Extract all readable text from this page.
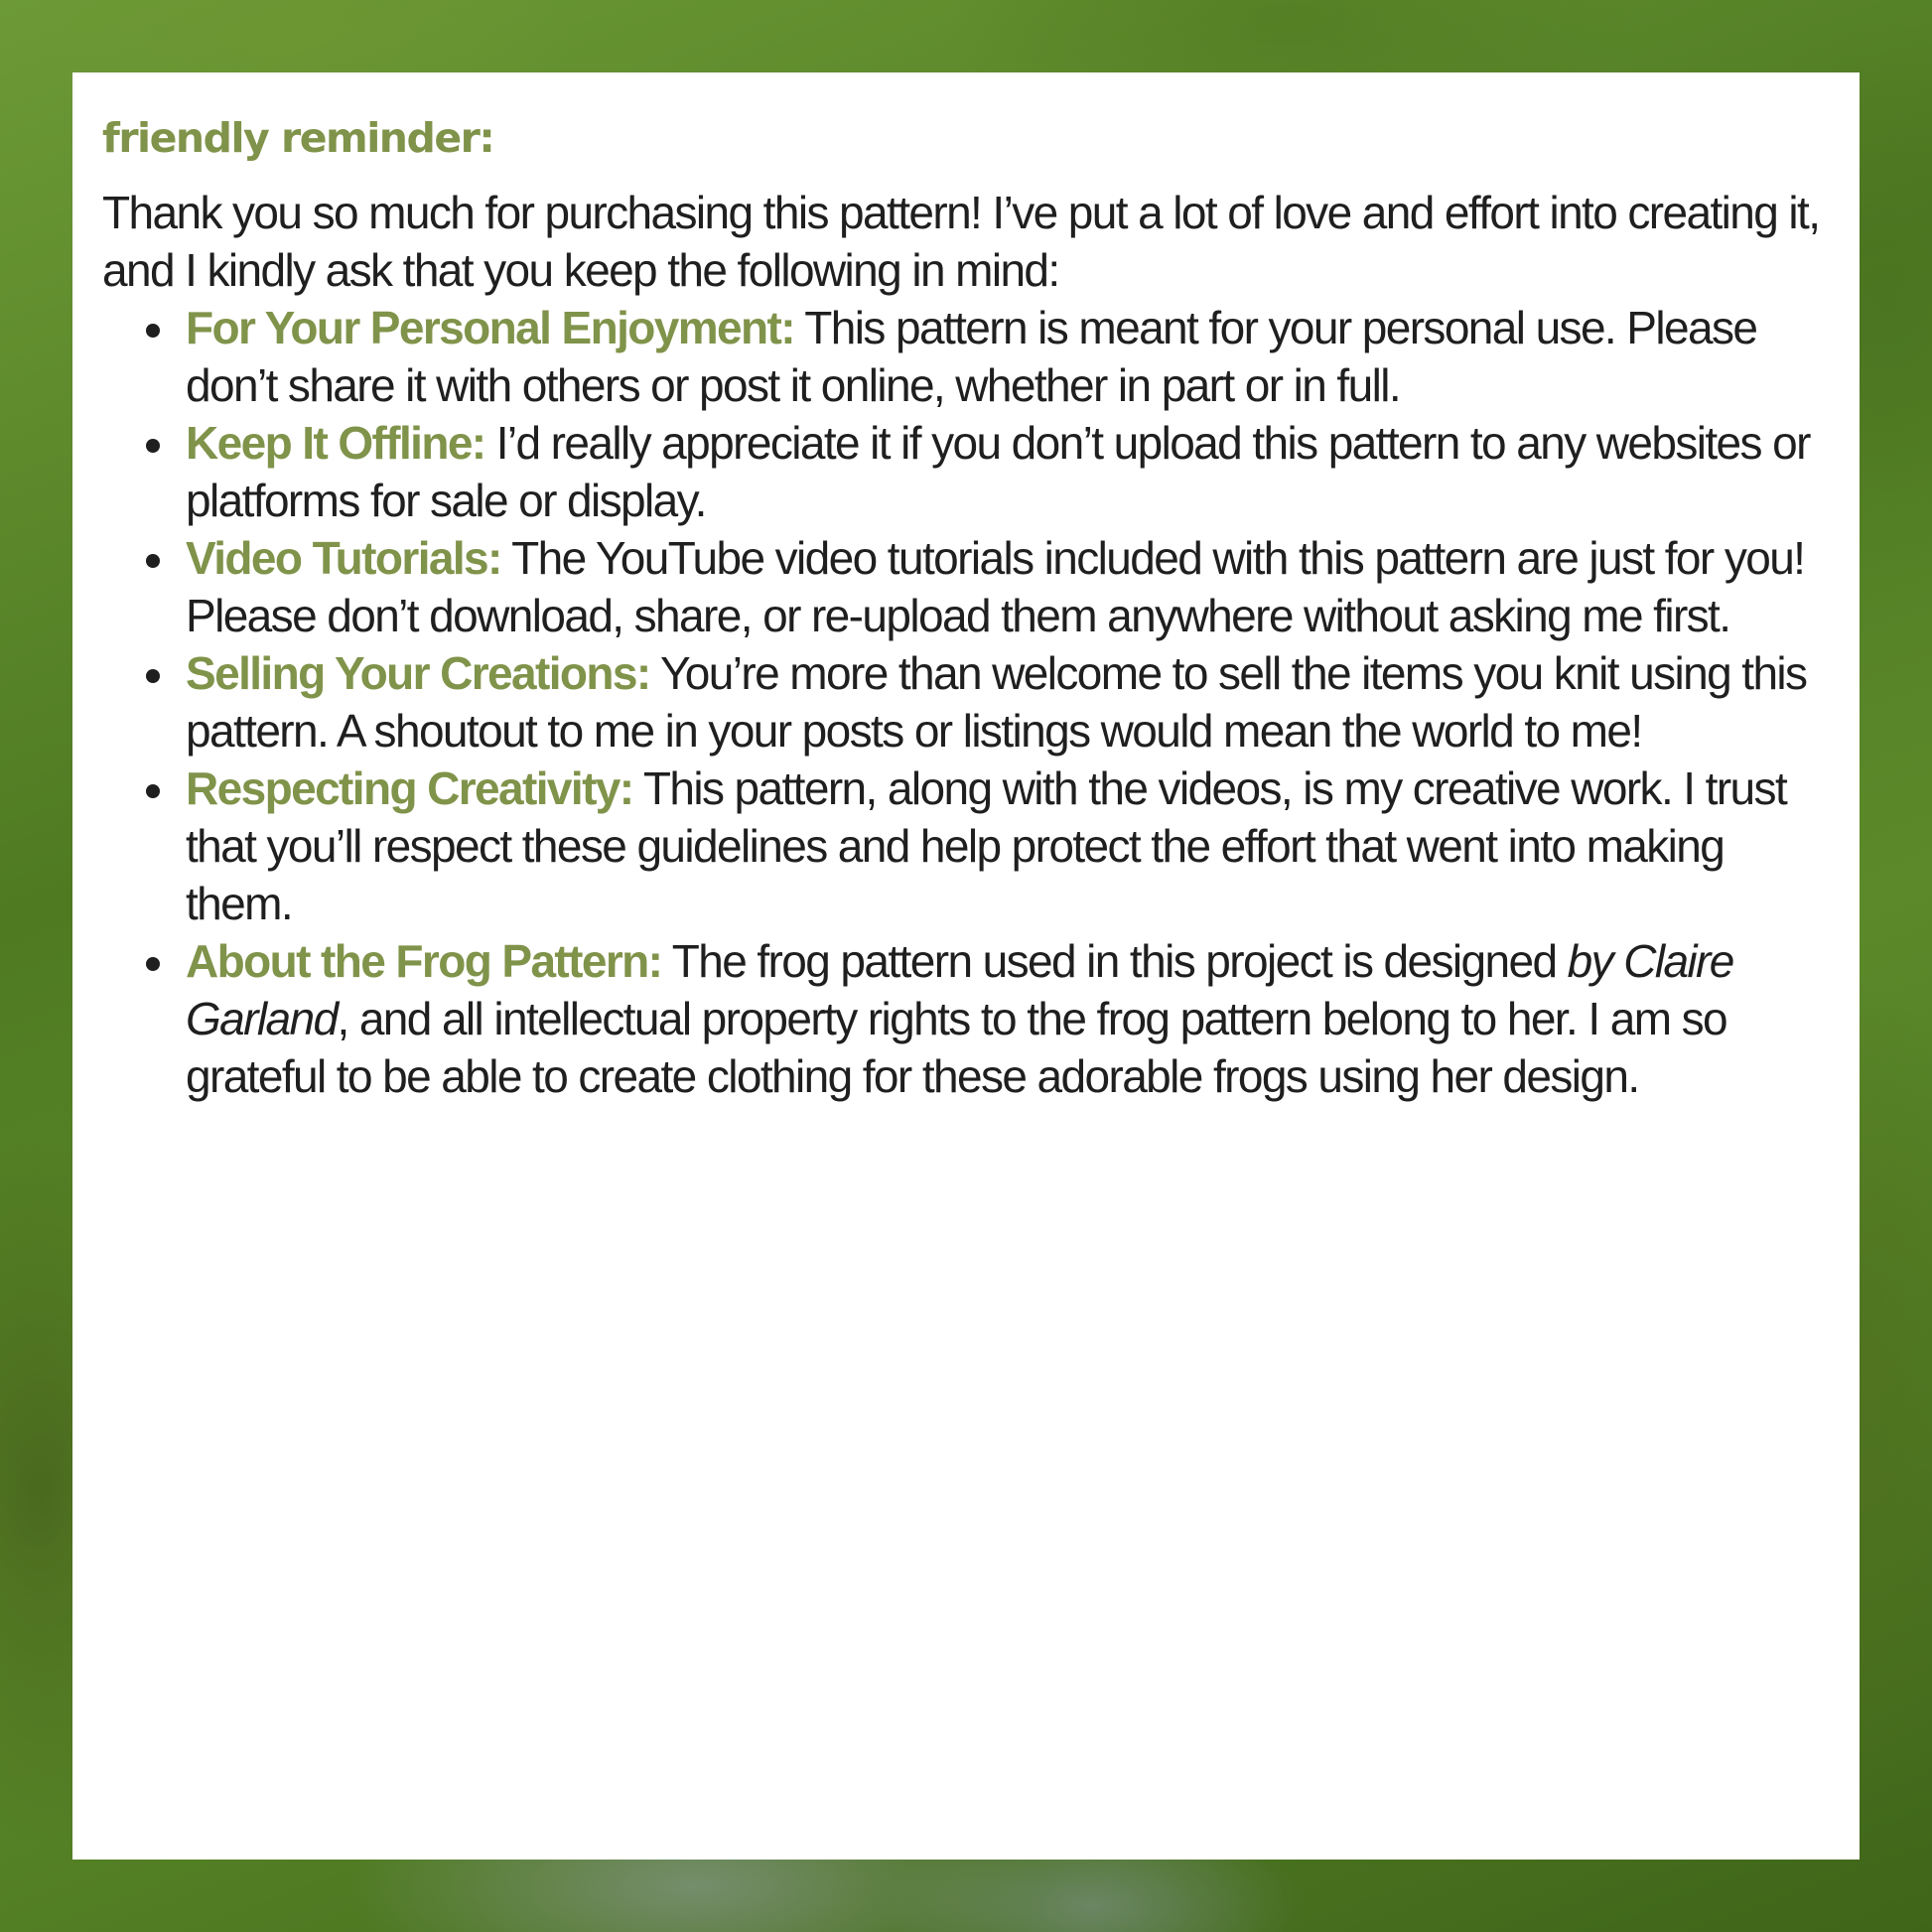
friendly reminder:

Thank you so much for purchasing this pattern! I’ve put a lot of love and effort into creating it, and I kindly ask that you keep the following in mind:

For Your Personal Enjoyment: This pattern is meant for your personal use. Please don’t share it with others or post it online, whether in part or in full.
Keep It Offline: I’d really appreciate it if you don’t upload this pattern to any websites or platforms for sale or display.
Video Tutorials: The YouTube video tutorials included with this pattern are just for you! Please don’t download, share, or re-upload them anywhere without asking me first.
Selling Your Creations: You’re more than welcome to sell the items you knit using this pattern. A shoutout to me in your posts or listings would mean the world to me!
Respecting Creativity: This pattern, along with the videos, is my creative work. I trust that you’ll respect these guidelines and help protect the effort that went into making them.
About the Frog Pattern: The frog pattern used in this project is designed by Claire Garland, and all intellectual property rights to the frog pattern belong to her. I am so grateful to be able to create clothing for these adorable frogs using her design.
